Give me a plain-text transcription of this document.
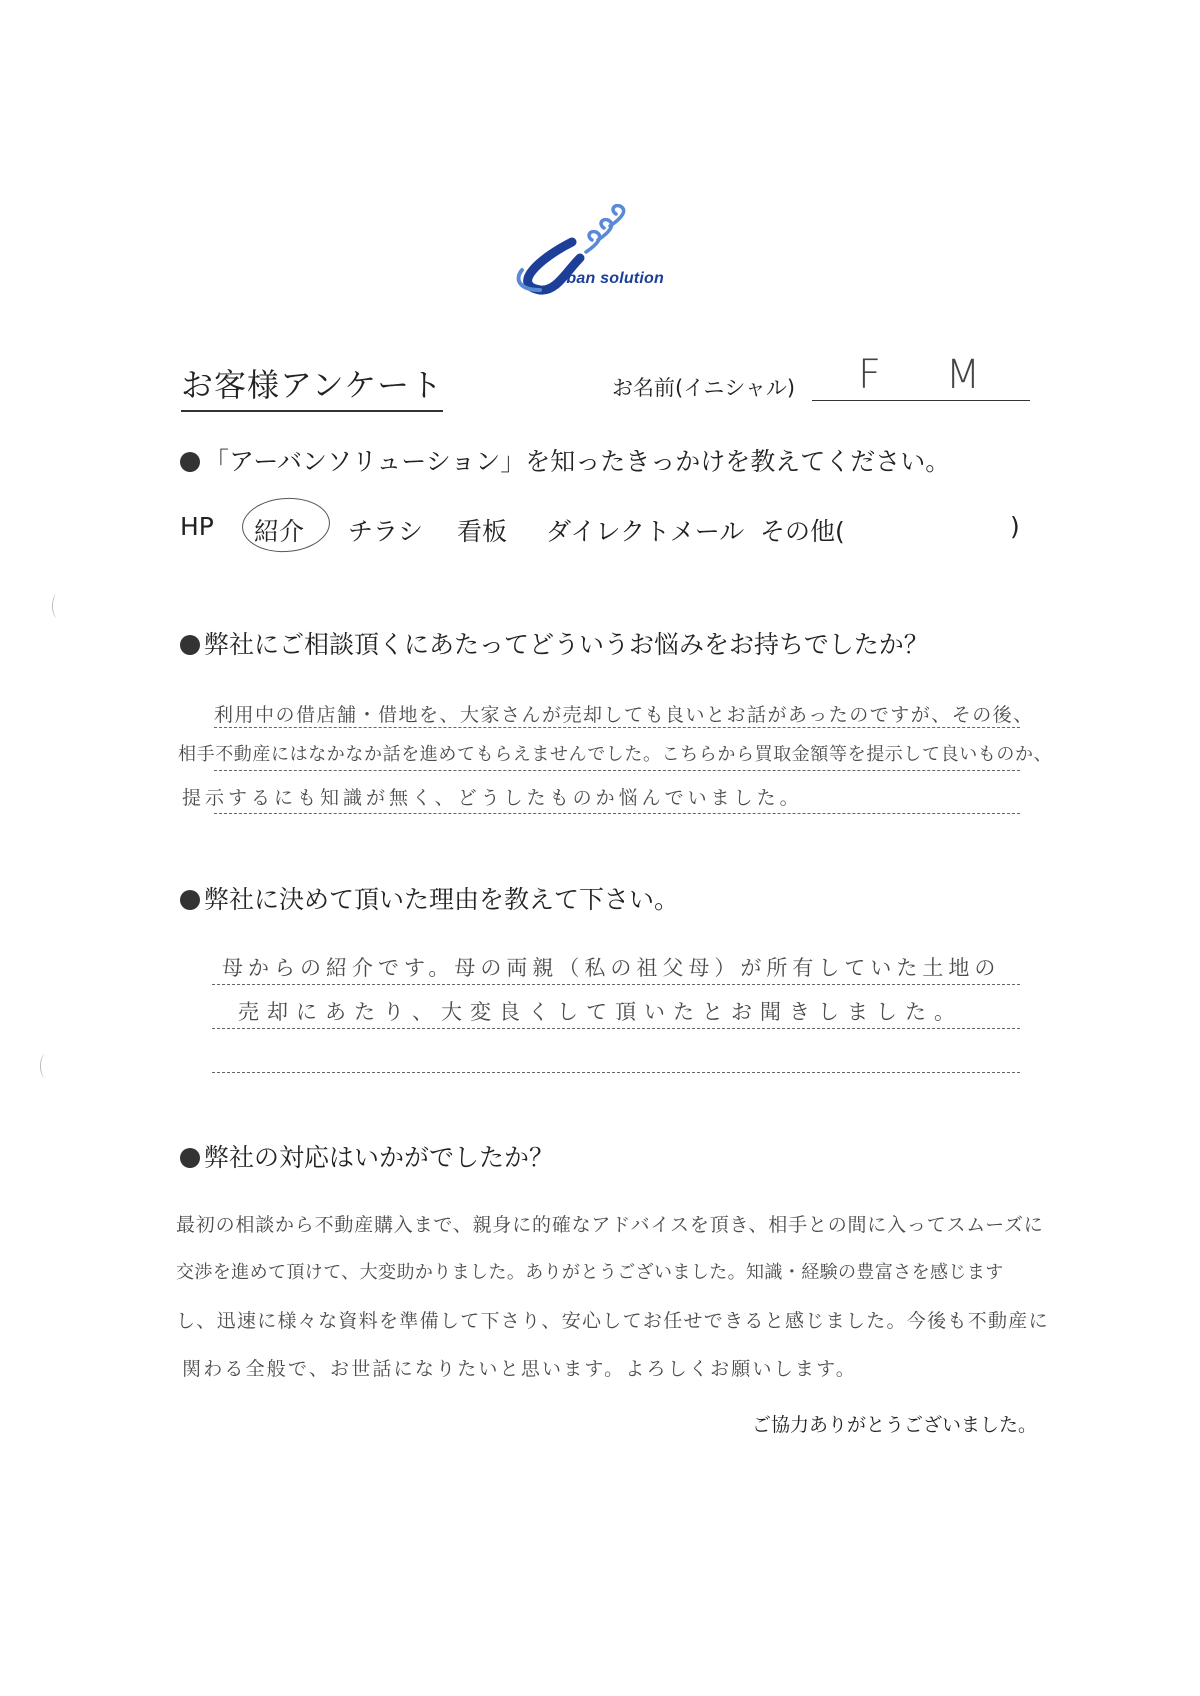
rban solution
お客様アンケート	お名前(イニシャル) F M
「アーバンソリューション」を知ったきっかけを教えてください。
HP 紹介 チラシ 看板 ダイレクトメール その他(	)
弊社にご相談頂くにあたってどういうお悩みをお持ちでしたか？
利用中の借店舗・借地を、大家さんが売却しても良いとお話があったのですが、その後、
相手不動産にはなかなか話を進めてもらえませんでした。こちらから買取金額等を提示して良いものか、
提示するにも知識が無く、どうしたものか悩んでいました。
弊社に決めて頂いた理由を教えて下さい。
母からの紹介です。母の両親（私の祖父母）が所有していた土地の
売却にあたり、大変良くして頂いたとお聞きしました。
弊社の対応はいかがでしたか？
最初の相談から不動産購入まで、親身に的確なアドバイスを頂き、相手との間に入ってスムーズに
交渉を進めて頂けて、大変助かりました。ありがとうございました。知識・経験の豊富さを感じます
し、迅速に様々な資料を準備して下さり、安心してお任せできると感じました。今後も不動産に
関わる全般で、お世話になりたいと思います。よろしくお願いします。
ご協力ありがとうございました。
